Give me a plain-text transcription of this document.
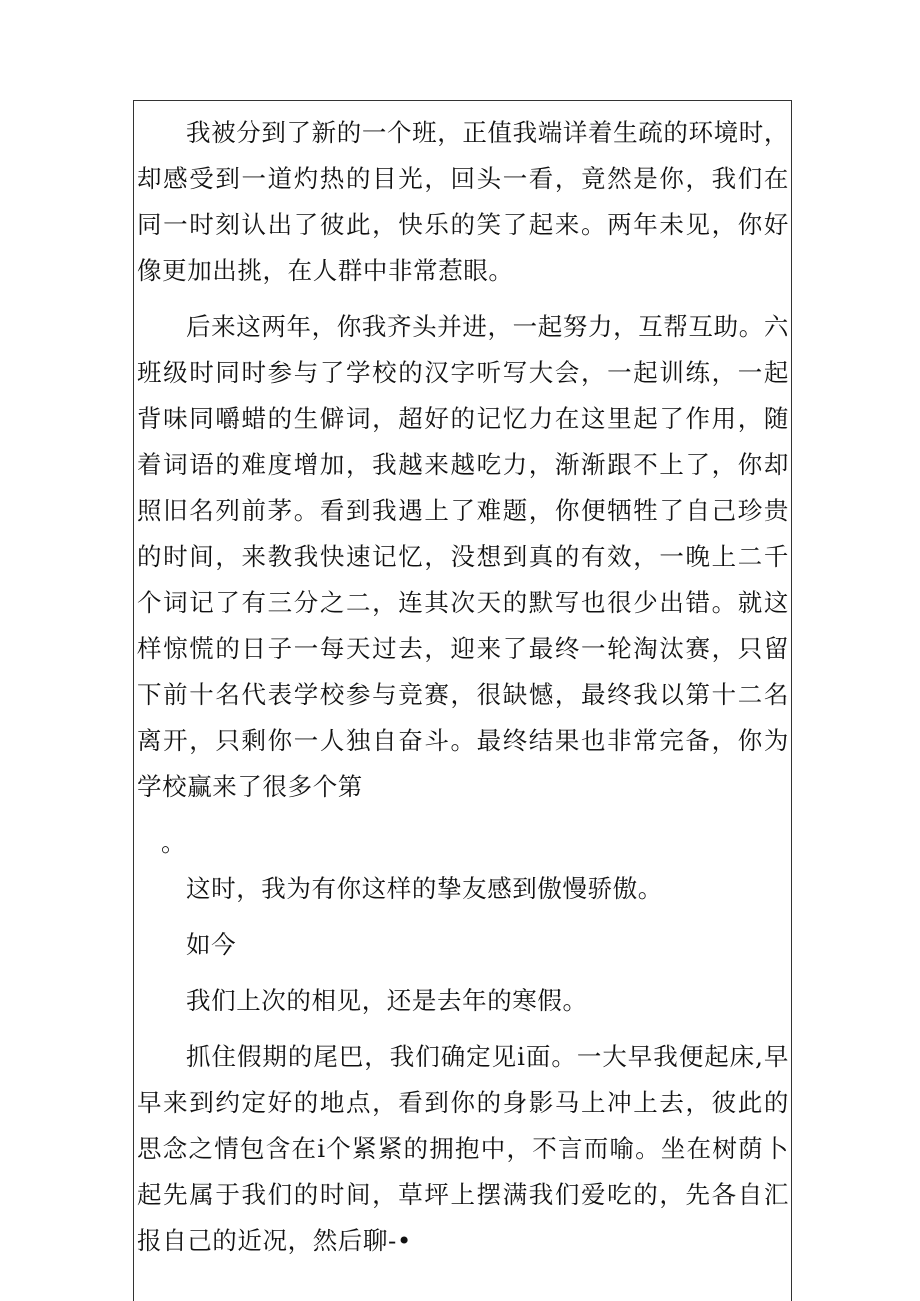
我被分到了新的一个班，正值我端详着生疏的环境时，却感受到一道灼热的目光，回头一看，竟然是你，我们在同一时刻认出了彼此，快乐的笑了起来。两年未见，你好像更加出挑，在人群中非常惹眼。

后来这两年，你我齐头并进，一起努力，互帮互助。六班级时同时参与了学校的汉字听写大会，一起训练，一起背味同嚼蜡的生僻词，超好的记忆力在这里起了作用，随着词语的难度增加，我越来越吃力，渐渐跟不上了，你却照旧名列前茅。看到我遇上了难题，你便牺牲了自己珍贵的时间，来教我快速记忆，没想到真的有效，一晚上二千个词记了有三分之二，连其次天的默写也很少出错。就这样惊慌的日子一每天过去，迎来了最终一轮淘汰赛，只留下前十名代表学校参与竞赛，很缺憾，最终我以第十二名离开，只剩你一人独自奋斗。最终结果也非常完备，你为学校赢来了很多个第

。

这时，我为有你这样的挚友感到傲慢骄傲。

如今

我们上次的相见，还是去年的寒假。

抓住假期的尾巴，我们确定见i面。一大早我便起床,早早来到约定好的地点，看到你的身影马上冲上去，彼此的思念之情包含在i个紧紧的拥抱中，不言而喻。坐在树荫卜起先属于我们的时间，草坪上摆满我们爱吃的，先各自汇报自己的近况，然后聊-•
